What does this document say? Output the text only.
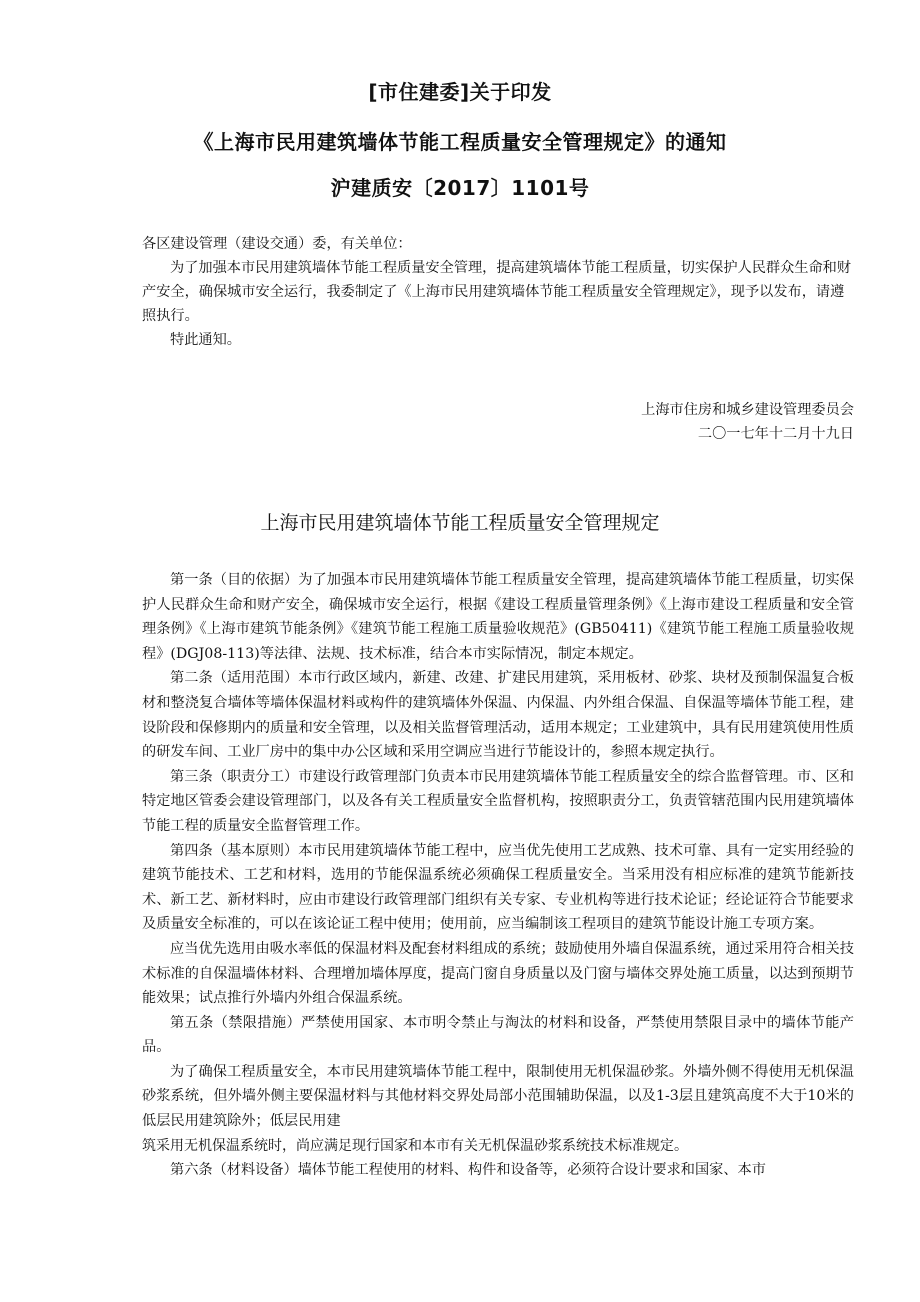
[市住建委]关于印发
《上海市民用建筑墙体节能工程质量安全管理规定》的通知
沪建质安〔2017〕1101号

各区建设管理（建设交通）委，有关单位：

为了加强本市民用建筑墙体节能工程质量安全管理，提高建筑墙体节能工程质量，切实保护人民群众生命和财产安全，确保城市安全运行，我委制定了《上海市民用建筑墙体节能工程质量安全管理规定》，现予以发布，请遵照执行。

特此通知。

上海市住房和城乡建设管理委员会
二〇一七年十二月十九日
上海市民用建筑墙体节能工程质量安全管理规定

第一条（目的依据）为了加强本市民用建筑墙体节能工程质量安全管理，提高建筑墙体节能工程质量，切实保护人民群众生命和财产安全，确保城市安全运行，根据《建设工程质量管理条例》《上海市建设工程质量和安全管理条例》《上海市建筑节能条例》《建筑节能工程施工质量验收规范》(GB50411)《建筑节能工程施工质量验收规程》(DGJ08-113)等法律、法规、技术标准，结合本市实际情况，制定本规定。

第二条（适用范围）本市行政区域内，新建、改建、扩建民用建筑，采用板材、砂浆、块材及预制保温复合板材和整浇复合墙体等墙体保温材料或构件的建筑墙体外保温、内保温、内外组合保温、自保温等墙体节能工程，建设阶段和保修期内的质量和安全管理，以及相关监督管理活动，适用本规定；工业建筑中，具有民用建筑使用性质的研发车间、工业厂房中的集中办公区域和采用空调应当进行节能设计的，参照本规定执行。

第三条（职责分工）市建设行政管理部门负责本市民用建筑墙体节能工程质量安全的综合监督管理。市、区和特定地区管委会建设管理部门，以及各有关工程质量安全监督机构，按照职责分工，负责管辖范围内民用建筑墙体节能工程的质量安全监督管理工作。

第四条（基本原则）本市民用建筑墙体节能工程中，应当优先使用工艺成熟、技术可靠、具有一定实用经验的建筑节能技术、工艺和材料，选用的节能保温系统必须确保工程质量安全。当采用没有相应标准的建筑节能新技术、新工艺、新材料时，应由市建设行政管理部门组织有关专家、专业机构等进行技术论证；经论证符合节能要求及质量安全标准的，可以在该论证工程中使用；使用前，应当编制该工程项目的建筑节能设计施工专项方案。

应当优先选用由吸水率低的保温材料及配套材料组成的系统；鼓励使用外墙自保温系统，通过采用符合相关技术标准的自保温墙体材料、合理增加墙体厚度，提高门窗自身质量以及门窗与墙体交界处施工质量，以达到预期节能效果；试点推行外墙内外组合保温系统。

第五条（禁限措施）严禁使用国家、本市明令禁止与淘汰的材料和设备，严禁使用禁限目录中的墙体节能产品。

为了确保工程质量安全，本市民用建筑墙体节能工程中，限制使用无机保温砂浆。外墙外侧不得使用无机保温砂浆系统，但外墙外侧主要保温材料与其他材料交界处局部小范围辅助保温，以及1-3层且建筑高度不大于10米的低层民用建筑除外；低层民用建

筑采用无机保温系统时，尚应满足现行国家和本市有关无机保温砂浆系统技术标准规定。

第六条（材料设备）墙体节能工程使用的材料、构件和设备等，必须符合设计要求和国家、本市
